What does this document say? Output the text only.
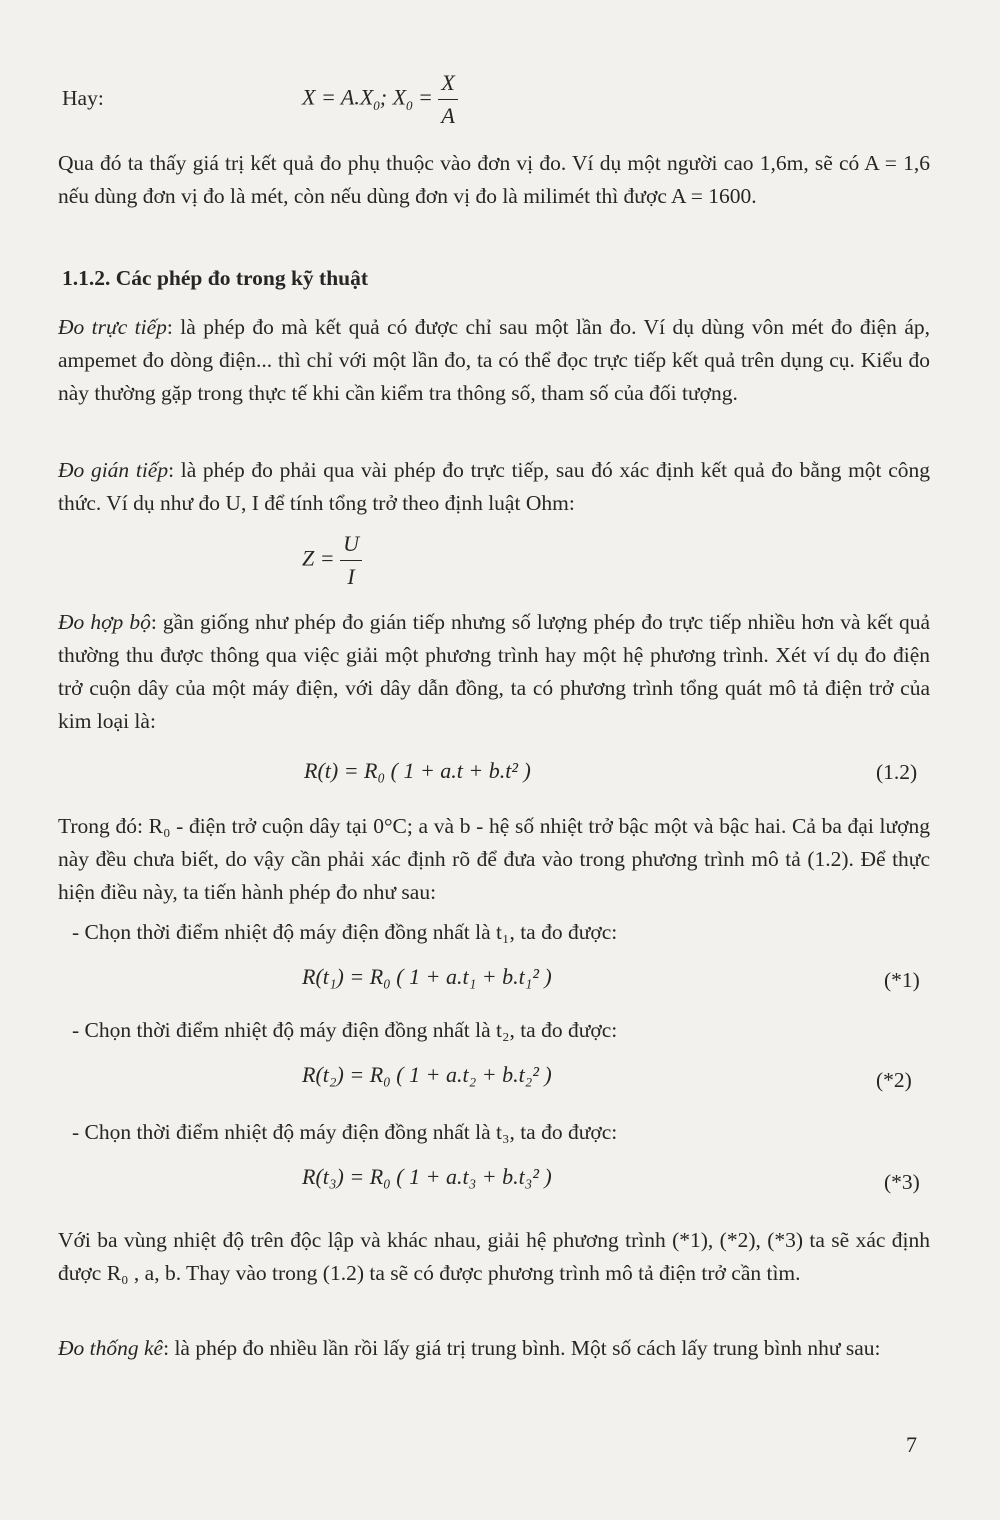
Hay:	$X = A.X_0$; $X_0 = \frac{X}{A}$

Qua đó ta thấy giá trị kết quả đo phụ thuộc vào đơn vị đo. Ví dụ một người cao 1,6m, sẽ có A = 1,6 nếu dùng đơn vị đo là mét, còn nếu dùng đơn vị đo là milimét thì được A = 1600.

1.1.2. Các phép đo trong kỹ thuật

Đo trực tiếp: là phép đo mà kết quả có được chỉ sau một lần đo. Ví dụ dùng vôn mét đo điện áp, ampemet đo dòng điện... thì chỉ với một lần đo, ta có thể đọc trực tiếp kết quả trên dụng cụ. Kiểu đo này thường gặp trong thực tế khi cần kiểm tra thông số, tham số của đối tượng.

Đo gián tiếp: là phép đo phải qua vài phép đo trực tiếp, sau đó xác định kết quả đo bằng một công thức. Ví dụ như đo U, I để tính tổng trở theo định luật Ohm:

$Z = \frac{U}{I}$

Đo hợp bộ: gần giống như phép đo gián tiếp nhưng số lượng phép đo trực tiếp nhiều hơn và kết quả thường thu được thông qua việc giải một phương trình hay một hệ phương trình. Xét ví dụ đo điện trở cuộn dây của một máy điện, với dây dẫn đồng, ta có phương trình tổng quát mô tả điện trở của kim loại là:

R(t) = R₀ ( 1 + a.t + b.t² )	(1.2)

Trong đó: R₀ - điện trở cuộn dây tại 0°C; a và b - hệ số nhiệt trở bậc một và bậc hai. Cả ba đại lượng này đều chưa biết, do vậy cần phải xác định rõ để đưa vào trong phương trình mô tả (1.2). Để thực hiện điều này, ta tiến hành phép đo như sau:

- Chọn thời điểm nhiệt độ máy điện đồng nhất là t₁, ta đo được:
R(t₁) = R₀ ( 1 + a.t₁ + b.t₁² )	(*1)
- Chọn thời điểm nhiệt độ máy điện đồng nhất là t₂, ta đo được:
R(t₂) = R₀ ( 1 + a.t₂ + b.t₂² )	(*2)
- Chọn thời điểm nhiệt độ máy điện đồng nhất là t₃, ta đo được:
R(t₃) = R₀ ( 1 + a.t₃ + b.t₃² )	(*3)

Với ba vùng nhiệt độ trên độc lập và khác nhau, giải hệ phương trình (*1), (*2), (*3) ta sẽ xác định được R₀ , a, b. Thay vào trong (1.2) ta sẽ có được phương trình mô tả điện trở cần tìm.

Đo thống kê: là phép đo nhiều lần rồi lấy giá trị trung bình. Một số cách lấy trung bình như sau:

7
